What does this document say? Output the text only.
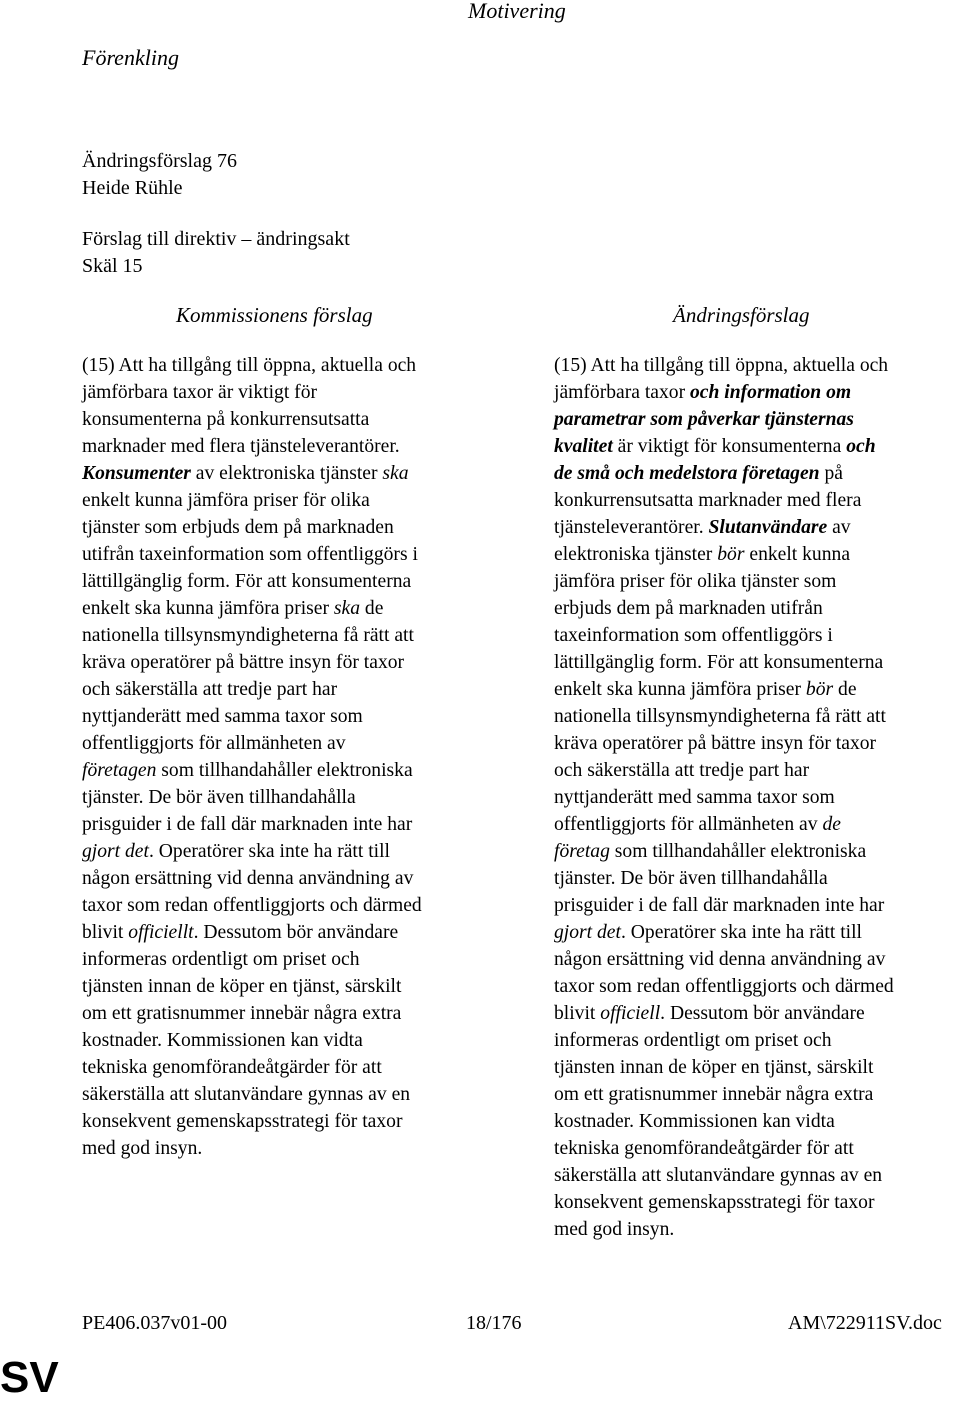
Motivering
Förenkling
Ändringsförslag 76
Heide Rühle
Förslag till direktiv – ändringsakt
Skäl 15
Kommissionens förslag	Ändringsförslag
(15) Att ha tillgång till öppna, aktuella och
jämförbara taxor är viktigt för
konsumenterna på konkurrensutsatta
marknader med flera tjänsteleverantörer.
Konsumenter av elektroniska tjänster ska
enkelt kunna jämföra priser för olika
tjänster som erbjuds dem på marknaden
utifrån taxeinformation som offentliggörs i
lättillgänglig form. För att konsumenterna
enkelt ska kunna jämföra priser ska de
nationella tillsynsmyndigheterna få rätt att
kräva operatörer på bättre insyn för taxor
och säkerställa att tredje part har
nyttjanderätt med samma taxor som
offentliggjorts för allmänheten av
företagen som tillhandahåller elektroniska
tjänster. De bör även tillhandahålla
prisguider i de fall där marknaden inte har
gjort det. Operatörer ska inte ha rätt till
någon ersättning vid denna användning av
taxor som redan offentliggjorts och därmed
blivit officiellt. Dessutom bör användare
informeras ordentligt om priset och
tjänsten innan de köper en tjänst, särskilt
om ett gratisnummer innebär några extra
kostnader. Kommissionen kan vidta
tekniska genomförandeåtgärder för att
säkerställa att slutanvändare gynnas av en
konsekvent gemenskapsstrategi för taxor
med god insyn.
(15) Att ha tillgång till öppna, aktuella och
jämförbara taxor och information om
parametrar som påverkar tjänsternas
kvalitet är viktigt för konsumenterna och
de små och medelstora företagen på
konkurrensutsatta marknader med flera
tjänsteleverantörer. Slutanvändare av
elektroniska tjänster bör enkelt kunna
jämföra priser för olika tjänster som
erbjuds dem på marknaden utifrån
taxeinformation som offentliggörs i
lättillgänglig form. För att konsumenterna
enkelt ska kunna jämföra priser bör de
nationella tillsynsmyndigheterna få rätt att
kräva operatörer på bättre insyn för taxor
och säkerställa att tredje part har
nyttjanderätt med samma taxor som
offentliggjorts för allmänheten av de
företag som tillhandahåller elektroniska
tjänster. De bör även tillhandahålla
prisguider i de fall där marknaden inte har
gjort det. Operatörer ska inte ha rätt till
någon ersättning vid denna användning av
taxor som redan offentliggjorts och därmed
blivit officiell. Dessutom bör användare
informeras ordentligt om priset och
tjänsten innan de köper en tjänst, särskilt
om ett gratisnummer innebär några extra
kostnader. Kommissionen kan vidta
tekniska genomförandeåtgärder för att
säkerställa att slutanvändare gynnas av en
konsekvent gemenskapsstrategi för taxor
med god insyn.
PE406.037v01-00	18/176	AM\722911SV.doc
SV
